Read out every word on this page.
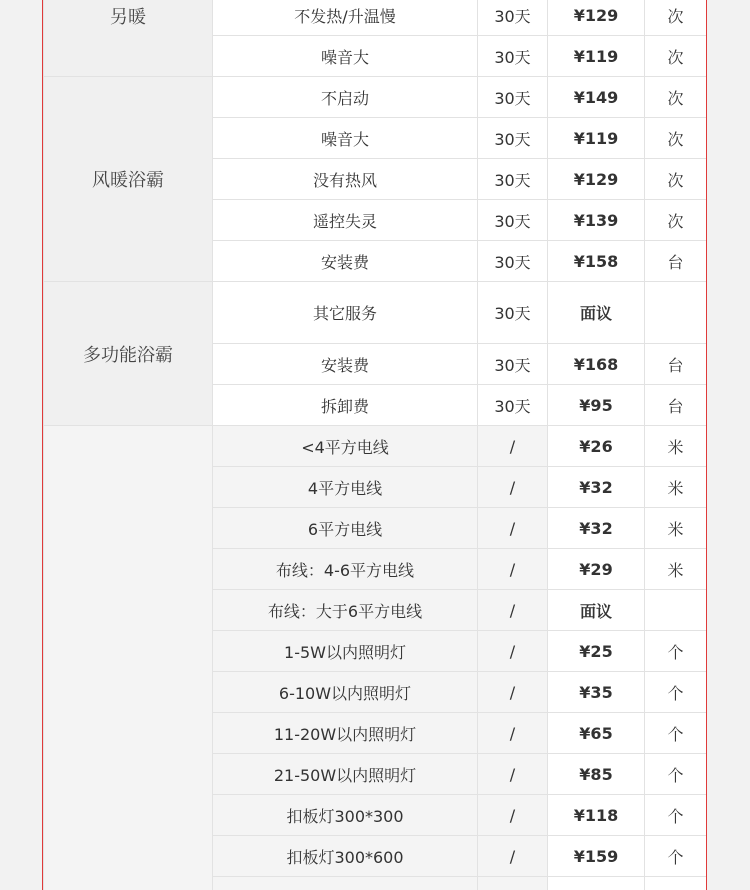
另暖	不发热/升温慢	30天	¥129	次
	噪音大	30天	¥119	次
风暖浴霸	不启动	30天	¥149	次
	噪音大	30天	¥119	次
	没有热风	30天	¥129	次
	遥控失灵	30天	¥139	次
	安装费	30天	¥158	台
多功能浴霸	其它服务	30天	面议	
	安装费	30天	¥168	台
	拆卸费	30天	¥95	台
	<4平方电线	/	¥26	米
	4平方电线	/	¥32	米
	6平方电线	/	¥32	米
	布线：4-6平方电线	/	¥29	米
	布线：大于6平方电线	/	面议	
	1-5W以内照明灯	/	¥25	个
	6-10W以内照明灯	/	¥35	个
	11-20W以内照明灯	/	¥65	个
	21-50W以内照明灯	/	¥85	个
	扣板灯300*300	/	¥118	个
	扣板灯300*600	/	¥159	个
